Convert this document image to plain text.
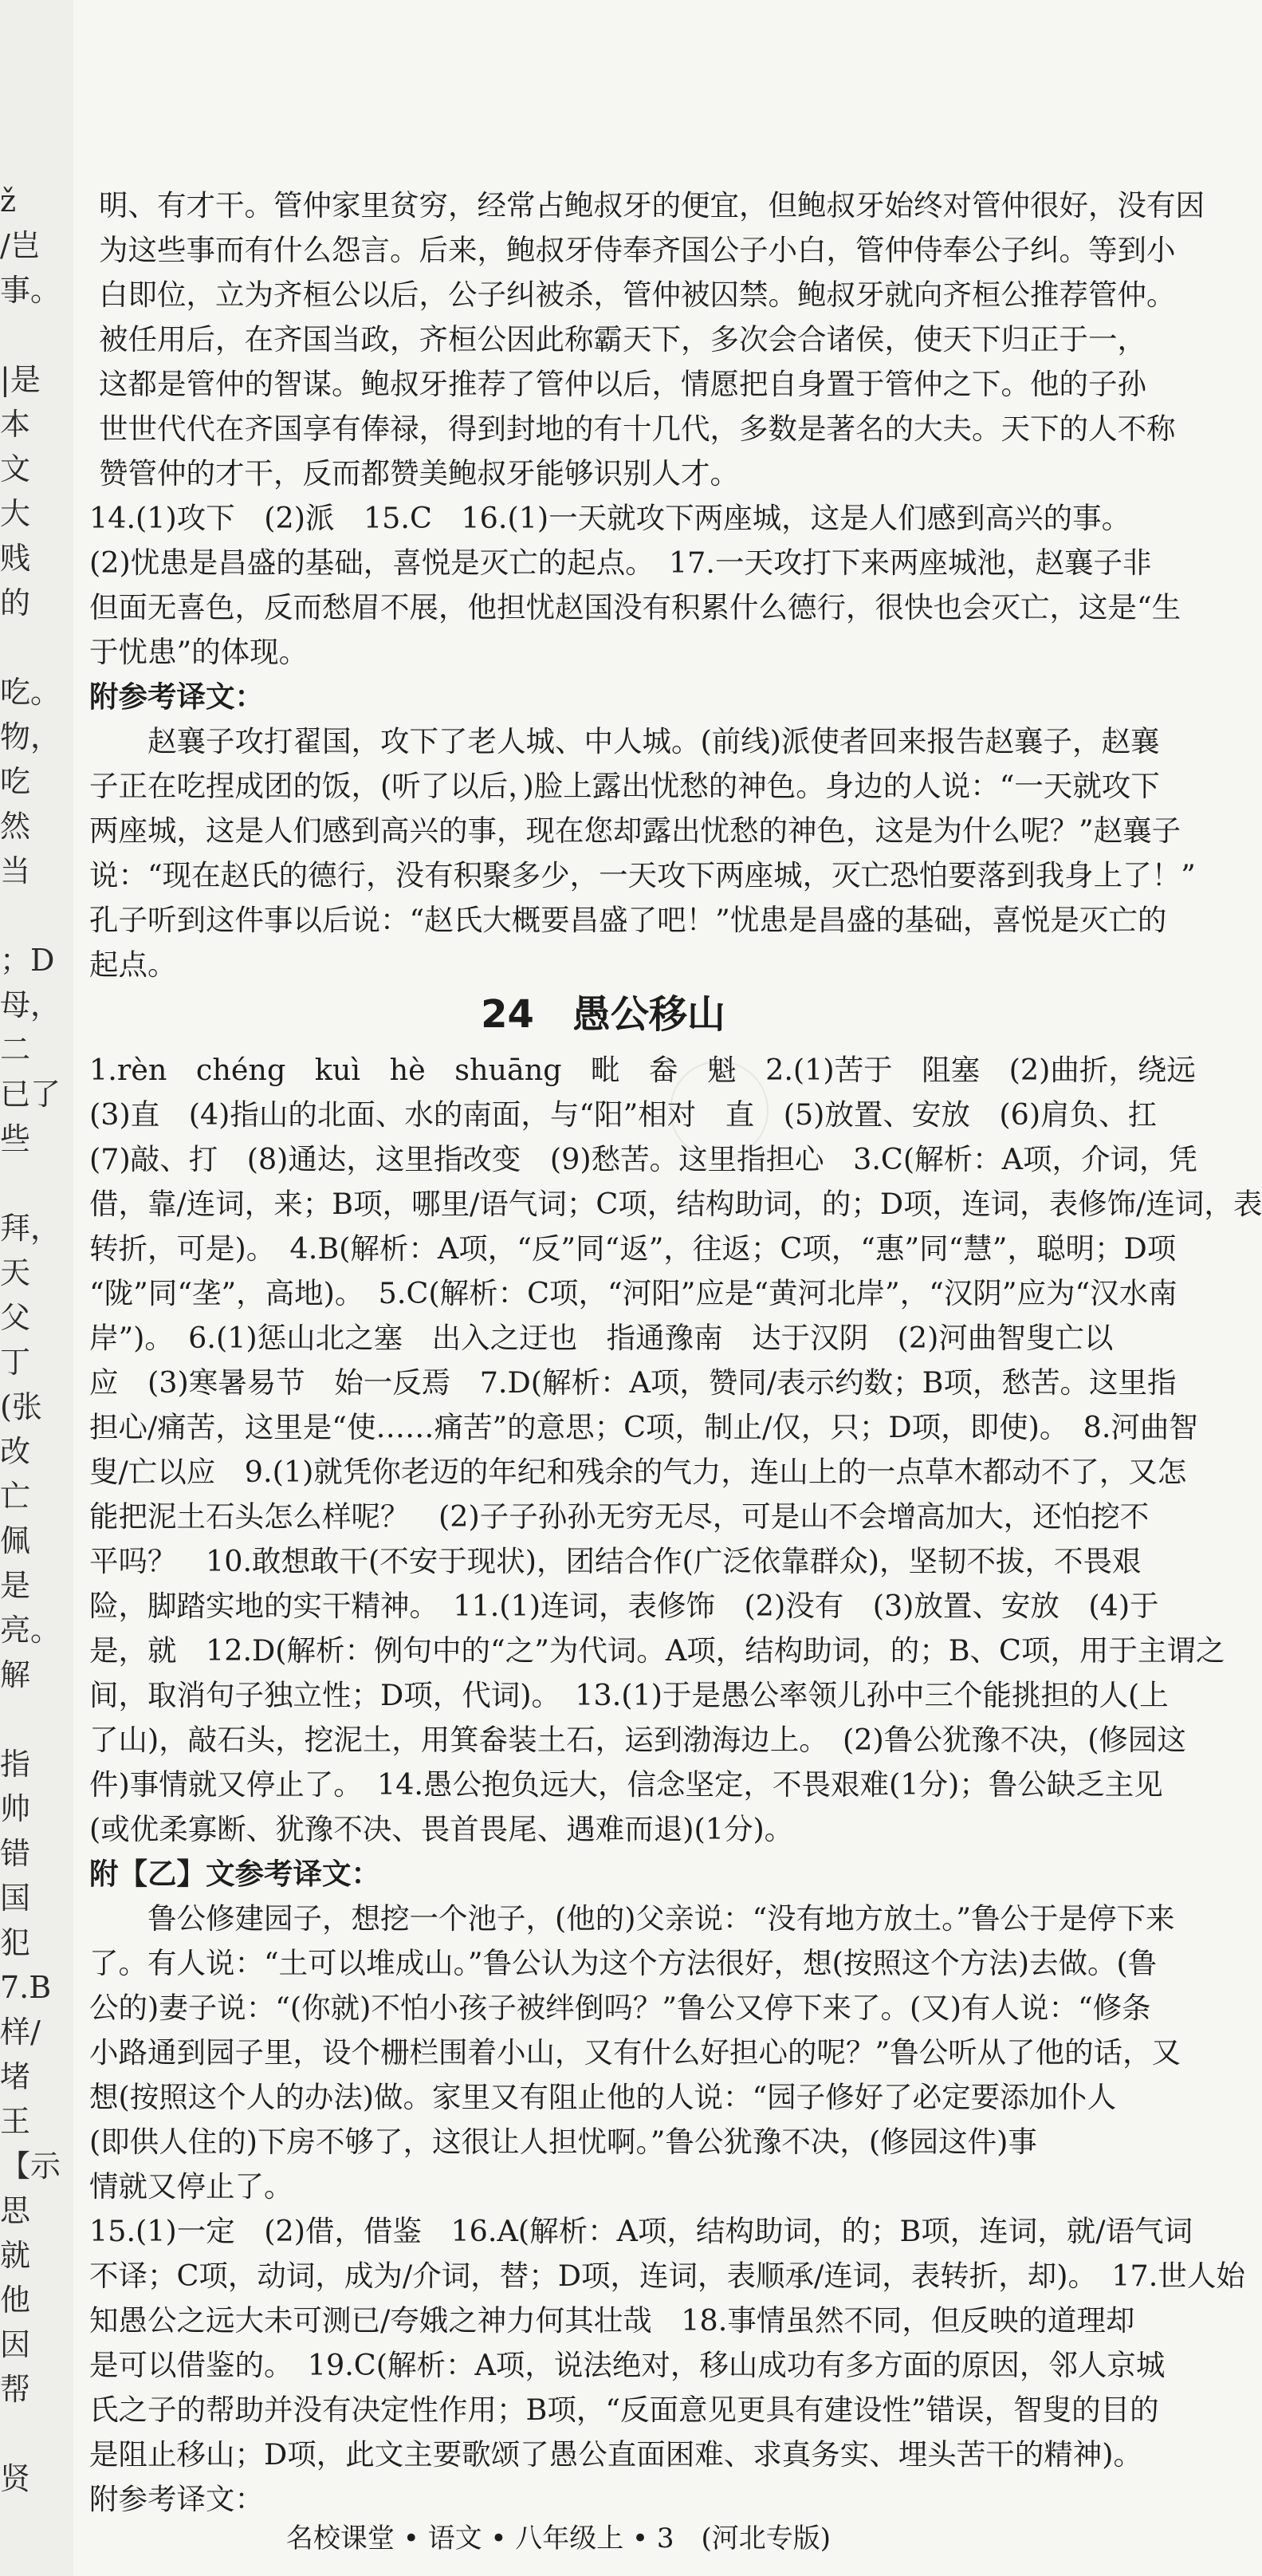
ž
/岂
事。
|是
本
文
大
贱
的
吃。
物，
吃
然
当
；D
母，
二
已了
些
拜，
天
父
丁
(张
改
亡
佩
是
亮。
解
指
帅
错
国
犯
7.B
样/
堵
王
【示
思
就
他
因
帮
贤
明、有才干。管仲家里贫穷，经常占鲍叔牙的便宜，但鲍叔牙始终对管仲很好，没有因
为这些事而有什么怨言。后来，鲍叔牙侍奉齐国公子小白，管仲侍奉公子纠。等到小
白即位，立为齐桓公以后，公子纠被杀，管仲被囚禁。鲍叔牙就向齐桓公推荐管仲。
被任用后，在齐国当政，齐桓公因此称霸天下，多次会合诸侯，使天下归正于一，
这都是管仲的智谋。鲍叔牙推荐了管仲以后，情愿把自身置于管仲之下。他的子孙
世世代代在齐国享有俸禄，得到封地的有十几代，多数是著名的大夫。天下的人不称
赞管仲的才干，反而都赞美鲍叔牙能够识别人才。
14.(1)攻下　(2)派　15.C　16.(1)一天就攻下两座城，这是人们感到高兴的事。
(2)忧患是昌盛的基础，喜悦是灭亡的起点。　17.一天攻打下来两座城池，赵襄子非
但面无喜色，反而愁眉不展，他担忧赵国没有积累什么德行，很快也会灭亡，这是“生
于忧患”的体现。
附参考译文：
　　赵襄子攻打翟国，攻下了老人城、中人城。(前线)派使者回来报告赵襄子，赵襄
子正在吃捏成团的饭，(听了以后，)脸上露出忧愁的神色。身边的人说：“一天就攻下
两座城，这是人们感到高兴的事，现在您却露出忧愁的神色，这是为什么呢？”赵襄子
说：“现在赵氏的德行，没有积聚多少，一天攻下两座城，灭亡恐怕要落到我身上了！”
孔子听到这件事以后说：“赵氏大概要昌盛了吧！”忧患是昌盛的基础，喜悦是灭亡的
起点。
24　愚公移山
1.rèn　chéng　kuì　hè　shuāng　毗　畚　魁　2.(1)苦于　阻塞　(2)曲折，绕远
(3)直　(4)指山的北面、水的南面，与“阳”相对　直　(5)放置、安放　(6)肩负、扛
(7)敲、打　(8)通达，这里指改变　(9)愁苦。这里指担心　3.C(解析：A项，介词，凭
借，靠/连词，来；B项，哪里/语气词；C项，结构助词，的；D项，连词，表修饰/连词，表
转折，可是)。　4.B(解析：A项，“反”同“返”，往返；C项，“惠”同“慧”，聪明；D项
“陇”同“垄”，高地)。　5.C(解析：C项，“河阳”应是“黄河北岸”，“汉阴”应为“汉水南
岸”)。　6.(1)惩山北之塞　出入之迂也　指通豫南　达于汉阴　(2)河曲智叟亡以
应　(3)寒暑易节　始一反焉　7.D(解析：A项，赞同/表示约数；B项，愁苦。这里指
担心/痛苦，这里是“使……痛苦”的意思；C项，制止/仅，只；D项，即使)。　8.河曲智
叟/亡以应　9.(1)就凭你老迈的年纪和残余的气力，连山上的一点草木都动不了，又怎
能把泥土石头怎么样呢？　(2)子子孙孙无穷无尽，可是山不会增高加大，还怕挖不
平吗？　10.敢想敢干(不安于现状)，团结合作(广泛依靠群众)，坚韧不拔，不畏艰
险，脚踏实地的实干精神。　11.(1)连词，表修饰　(2)没有　(3)放置、安放　(4)于
是，就　12.D(解析：例句中的“之”为代词。A项，结构助词，的；B、C项，用于主谓之
间，取消句子独立性；D项，代词)。　13.(1)于是愚公率领儿孙中三个能挑担的人(上
了山)，敲石头，挖泥土，用箕畚装土石，运到渤海边上。　(2)鲁公犹豫不决，(修园这
件)事情就又停止了。　14.愚公抱负远大，信念坚定，不畏艰难(1分)；鲁公缺乏主见
(或优柔寡断、犹豫不决、畏首畏尾、遇难而退)(1分)。
附【乙】文参考译文：
　　鲁公修建园子，想挖一个池子，(他的)父亲说：“没有地方放土。”鲁公于是停下来
了。有人说：“土可以堆成山。”鲁公认为这个方法很好，想(按照这个方法)去做。(鲁
公的)妻子说：“(你就)不怕小孩子被绊倒吗？”鲁公又停下来了。(又)有人说：“修条
小路通到园子里，设个栅栏围着小山，又有什么好担心的呢？”鲁公听从了他的话，又
想(按照这个人的办法)做。家里又有阻止他的人说：“园子修好了必定要添加仆人
(即供人住的)下房不够了，这很让人担忧啊。”鲁公犹豫不决，(修园这件)事
情就又停止了。
15.(1)一定　(2)借，借鉴　16.A(解析：A项，结构助词，的；B项，连词，就/语气词
不译；C项，动词，成为/介词，替；D项，连词，表顺承/连词，表转折，却)。　17.世人始
知愚公之远大未可测已/夸娥之神力何其壮哉　18.事情虽然不同，但反映的道理却
是可以借鉴的。　19.C(解析：A项，说法绝对，移山成功有多方面的原因，邻人京城
氏之子的帮助并没有决定性作用；B项，“反面意见更具有建设性”错误，智叟的目的
是阻止移山；D项，此文主要歌颂了愚公直面困难、求真务实、埋头苦干的精神)。
附参考译文：
名校课堂 • 语文 • 八年级上 • 3　(河北专版)
